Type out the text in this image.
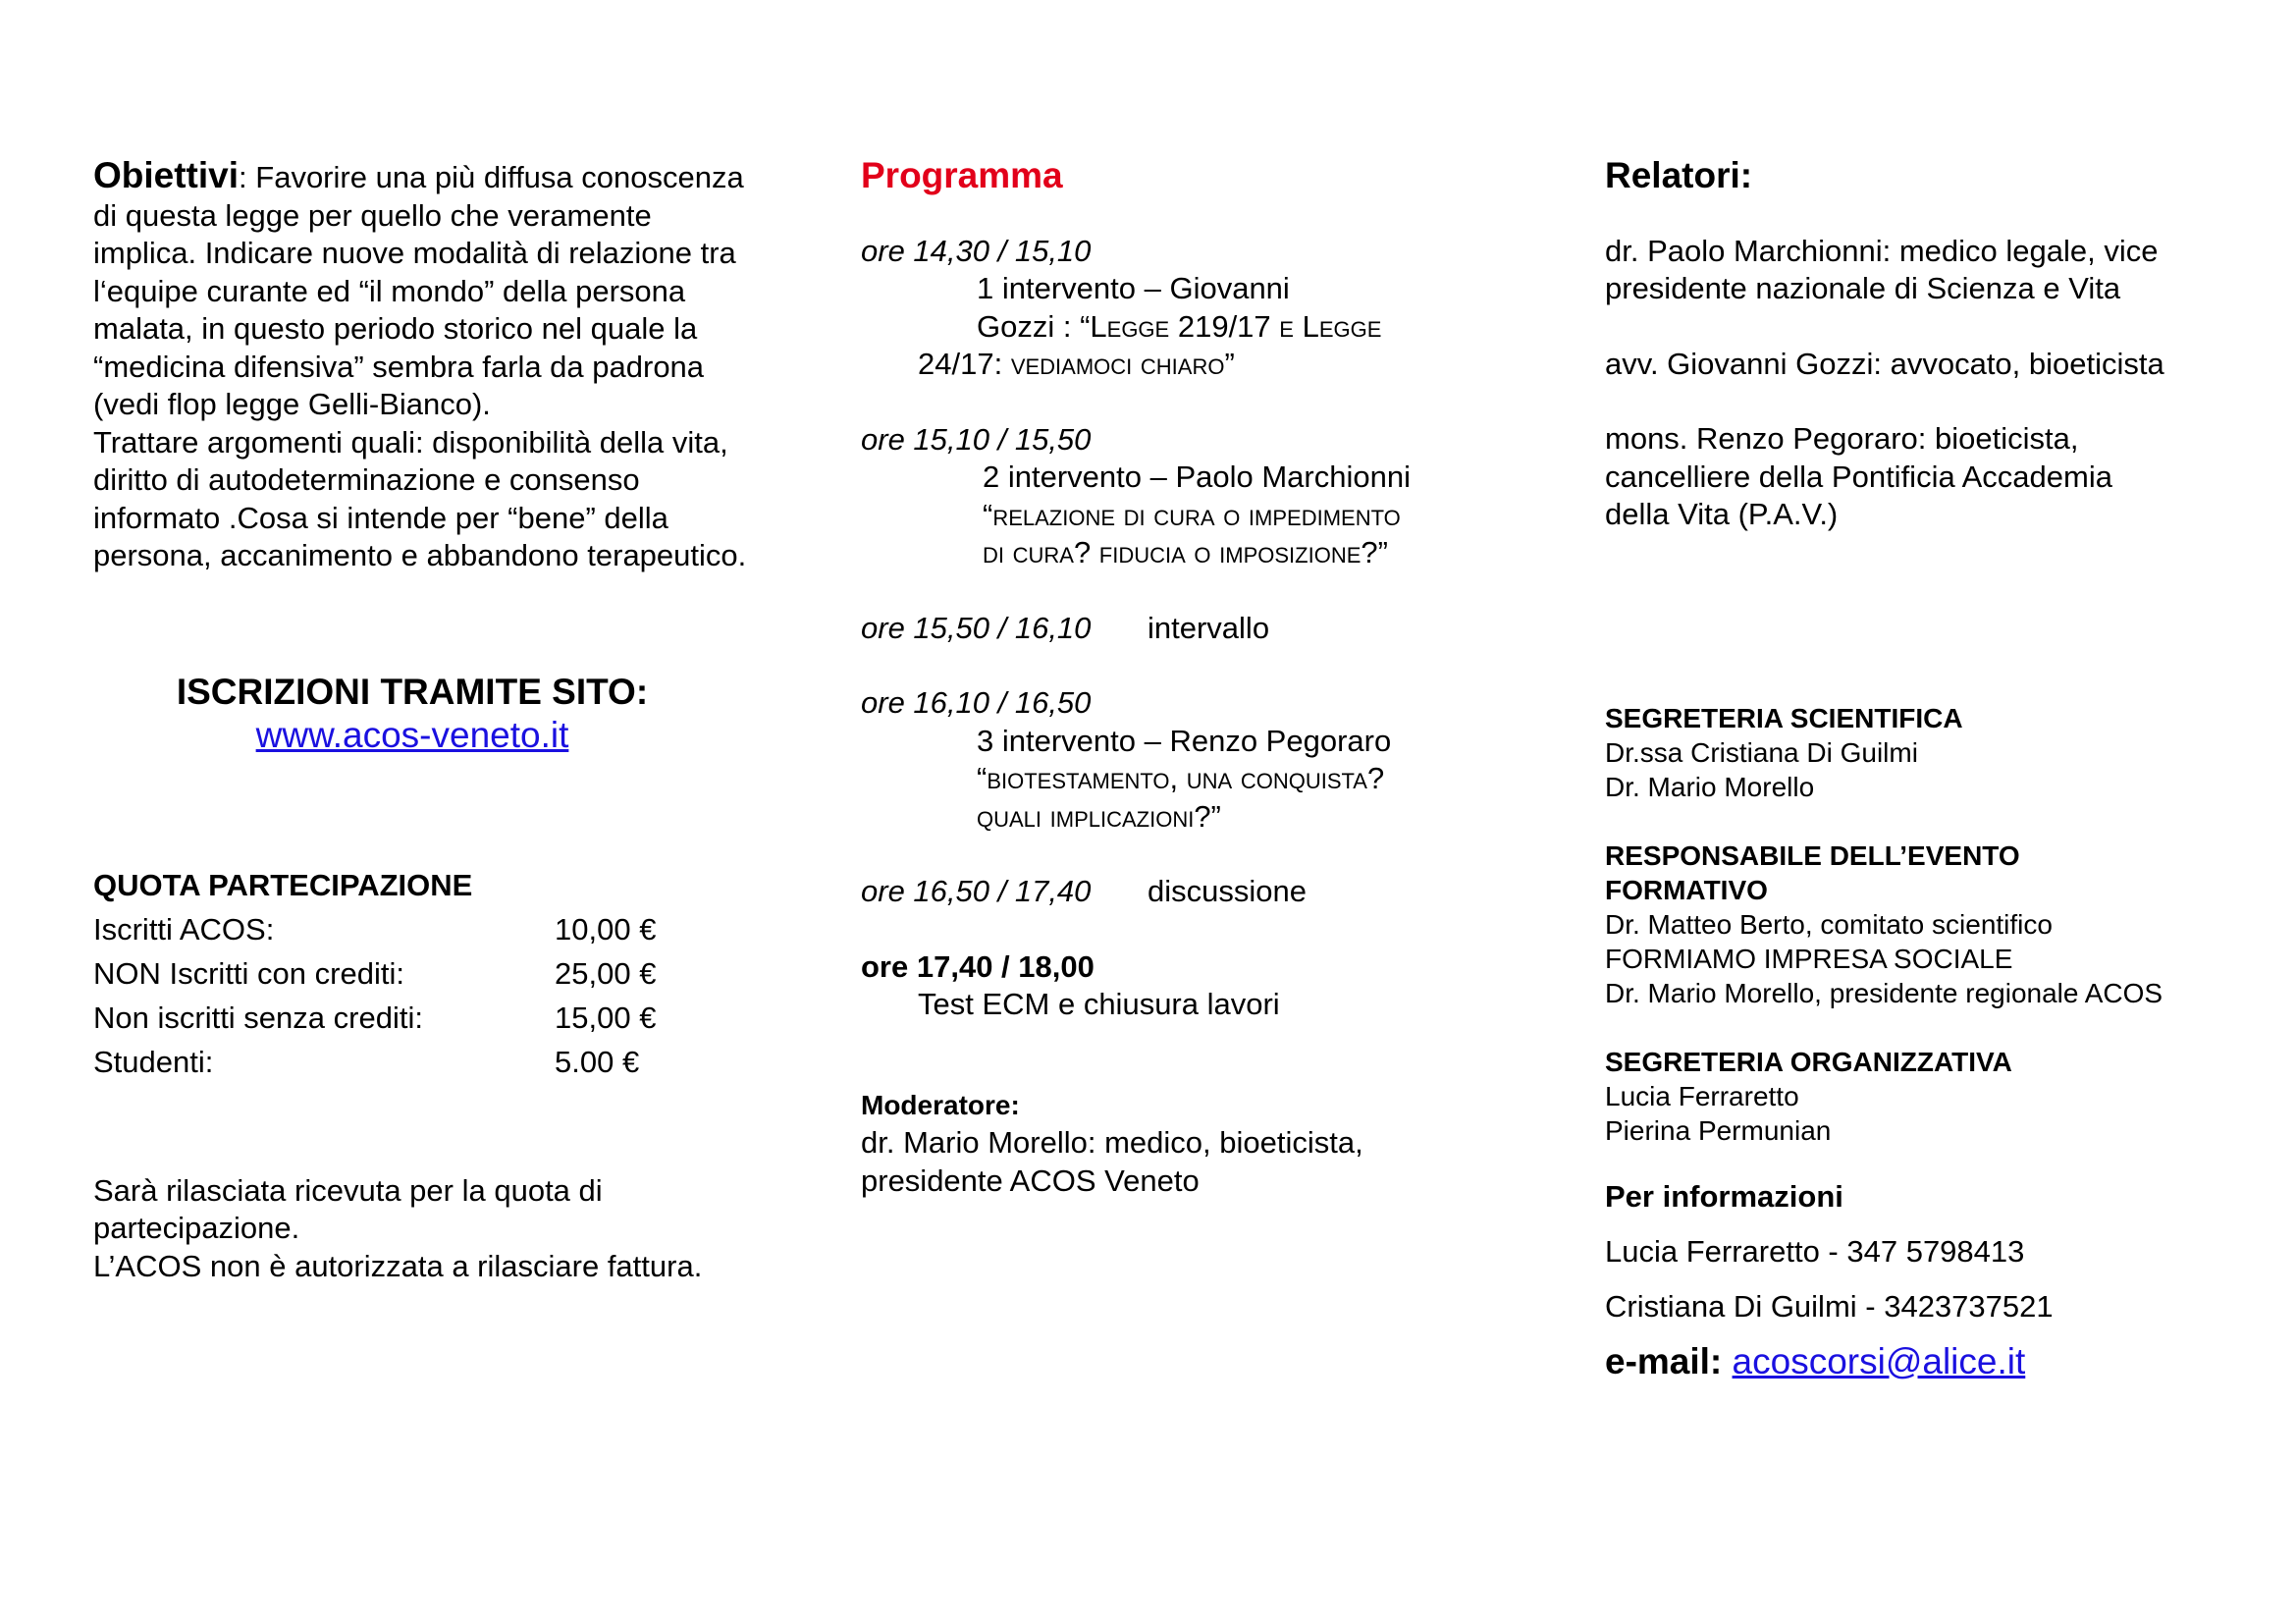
Obiettivi: Favorire una più diffusa conoscenza di questa legge per quello che veramente implica. Indicare nuove modalità di relazione tra l‘equipe curante ed “il mondo” della persona malata, in questo periodo storico nel quale la “medicina difensiva” sembra farla da padrona (vedi flop legge Gelli-Bianco).

Trattare argomenti quali: disponibilità della vita, diritto di autodeterminazione e consenso informato .Cosa si intende per “bene” della persona, accanimento e abbandono terapeutico.

ISCRIZIONI TRAMITE SITO:
www.acos-veneto.it
QUOTA PARTECIPAZIONE
Iscritti ACOS:	10,00 €
NON Iscritti con crediti:	25,00 €
Non iscritti senza crediti:	15,00 €
Studenti:	5.00 €

Sarà rilasciata ricevuta per la quota di partecipazione.

L’ACOS non è autorizzata a rilasciare fattura.

Programma
ore 14,30 / 15,10
1 intervento – Giovanni
Gozzi : “Legge 219/17 e Legge
24/17: vediamoci chiaro”
ore 15,10 / 15,50
2 intervento – Paolo Marchionni
“relazione di cura o impedimento
di cura? fiducia o imposizione?”
ore 15,50 / 16,10 intervallo
ore 16,10 / 16,50
3 intervento – Renzo Pegoraro
“biotestamento, una conquista?
quali implicazioni?”
ore 16,50 / 17,40 discussione
ore 17,40 / 18,00
Test ECM e chiusura lavori
Moderatore:

dr. Mario Morello: medico, bioeticista, presidente ACOS Veneto

Relatori:

dr. Paolo Marchionni: medico legale, vice presidente nazionale di Scienza e Vita

avv. Giovanni Gozzi: avvocato, bioeticista

mons. Renzo Pegoraro: bioeticista, cancelliere della Pontificia Accademia della Vita (P.A.V.)

SEGRETERIA SCIENTIFICA
Dr.ssa Cristiana Di Guilmi
Dr. Mario Morello
RESPONSABILE DELL’EVENTO FORMATIVO
Dr. Matteo Berto, comitato scientifico
FORMIAMO IMPRESA SOCIALE
Dr. Mario Morello, presidente regionale ACOS
SEGRETERIA ORGANIZZATIVA
Lucia Ferraretto
Pierina Permunian
Per informazioni
Lucia Ferraretto - 347 5798413
Cristiana Di Guilmi - 3423737521
e-mail: acoscorsi@alice.it
